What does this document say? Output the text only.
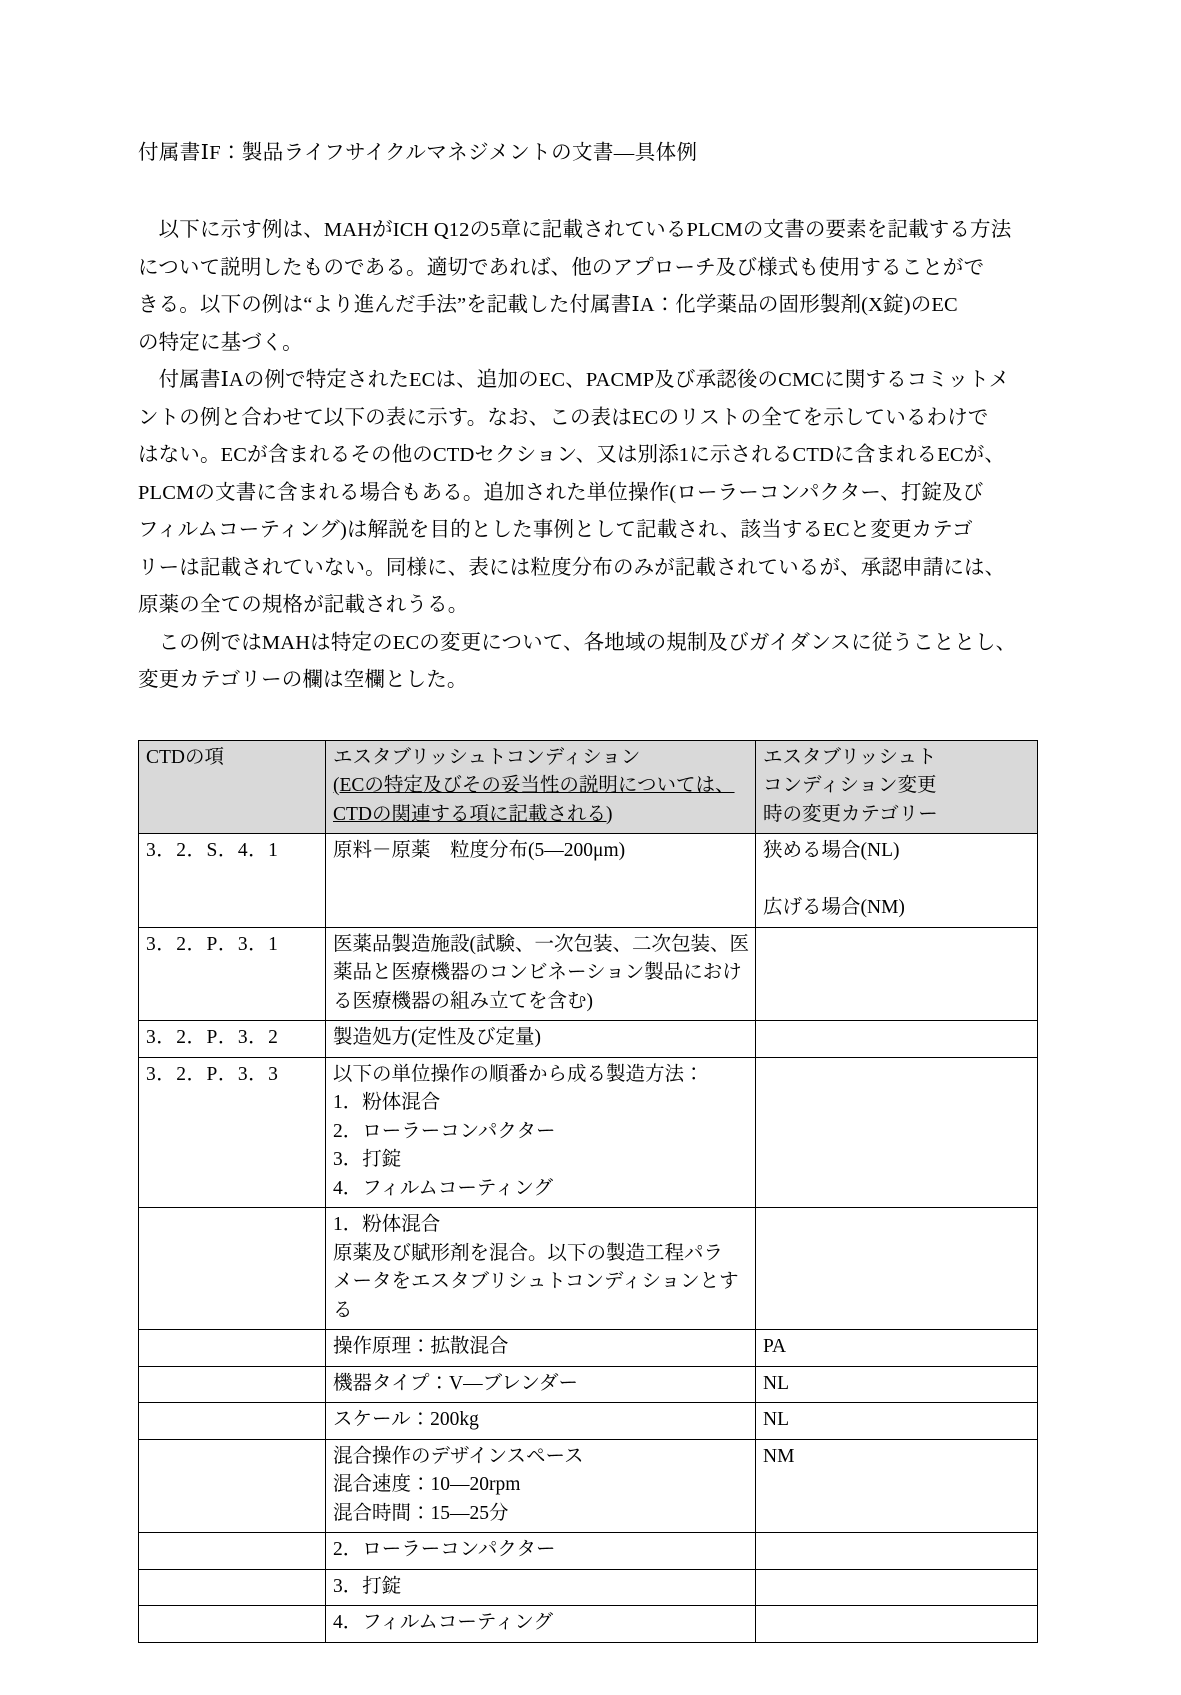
付属書ⅠF：製品ライフサイクルマネジメントの文書―具体例

　以下に示す例は、MAHがICH Q12の5章に記載されているPLCMの文書の要素を記載する方法
について説明したものである。適切であれば、他のアプローチ及び様式も使用することがで
きる。以下の例は“より進んだ手法”を記載した付属書ⅠA：化学薬品の固形製剤(X錠)のEC
の特定に基づく。

　付属書ⅠAの例で特定されたECは、追加のEC、PACMP及び承認後のCMCに関するコミットメ
ントの例と合わせて以下の表に示す。なお、この表はECのリストの全てを示しているわけで
はない。ECが含まれるその他のCTDセクション、又は別添1に示されるCTDに含まれるECが、
PLCMの文書に含まれる場合もある。追加された単位操作(ローラーコンパクター、打錠及び
フィルムコーティング)は解説を目的とした事例として記載され、該当するECと変更カテゴ
リーは記載されていない。同様に、表には粒度分布のみが記載されているが、承認申請には、
原薬の全ての規格が記載されうる。

　この例ではMAHは特定のECの変更について、各地域の規制及びガイダンスに従うこととし、
変更カテゴリーの欄は空欄とした。

CTDの項	エスタブリッシュトコンディション
(ECの特定及びその妥当性の説明については、
CTDの関連する項に記載される)	エスタブリッシュト
コンディション変更
時の変更カテゴリー

3．2．S．4．1	原料－原薬　粒度分布(5―200μm)	狭める場合(NL)

広げる場合(NM)

3．2．P．3．1	医薬品製造施設(試験、一次包装、二次包装、医
薬品と医療機器のコンビネーション製品におけ
る医療機器の組み立てを含む)	

3．2．P．3．2	製造処方(定性及び定量)	

3．2．P．3．3	以下の単位操作の順番から成る製造方法：
1．粉体混合
2．ローラーコンパクター
3．打錠
4．フィルムコーティング	

	1．粉体混合
原薬及び賦形剤を混合。以下の製造工程パラ
メータをエスタブリシュトコンディションとす
る	

	操作原理：拡散混合	PA

	機器タイプ：V―ブレンダー	NL

	スケール：200kg	NL

	混合操作のデザインスペース
混合速度：10―20rpm
混合時間：15―25分	NM

	2．ローラーコンパクター	

	3．打錠	

	4．フィルムコーティング	
